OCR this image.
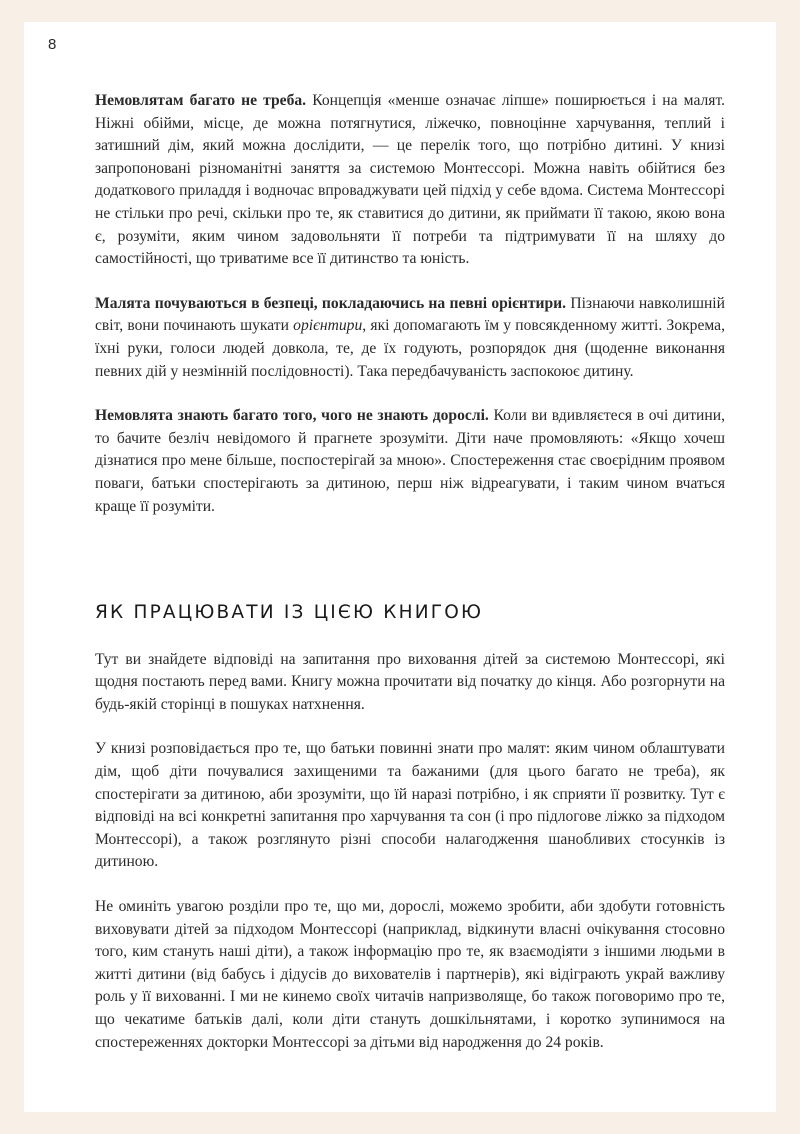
8

Немовлятам багато не треба. Концепція «менше означає ліпше» поширюється і на малят. Ніжні обійми, місце, де можна потягнутися, ліжечко, повноцінне харчування, теплий і затишний дім, який можна дослідити, — це перелік того, що потрібно дитині. У книзі запропоновані різноманітні заняття за системою Монтессорі. Можна навіть обійтися без додаткового приладдя і водночас впроваджувати цей підхід у себе вдома. Система Монтессорі не стільки про речі, скільки про те, як ставитися до дитини, як приймати її такою, якою вона є, розуміти, яким чином задовольняти її потреби та підтримувати її на шляху до самостійності, що триватиме все її дитинство та юність.

Малята почуваються в безпеці, покладаючись на певні орієнтири. Пізнаючи навколишній світ, вони починають шукати орієнтири, які допомагають їм у повсякденному житті. Зокрема, їхні руки, голоси людей довкола, те, де їх годують, розпорядок дня (щоденне виконання певних дій у незмінній послідовності). Така передбачуваність заспокоює дитину.

Немовлята знають багато того, чого не знають дорослі. Коли ви вдивляєтеся в очі дитини, то бачите безліч невідомого й прагнете зрозуміти. Діти наче промовляють: «Якщо хочеш дізнатися про мене більше, поспостерігай за мною». Спостереження стає своєрідним проявом поваги, батьки спостерігають за дитиною, перш ніж відреагувати, і таким чином вчаться краще її розуміти.

ЯК ПРАЦЮВАТИ ІЗ ЦІЄЮ КНИГОЮ

Тут ви знайдете відповіді на запитання про виховання дітей за системою Монтессорі, які щодня постають перед вами. Книгу можна прочитати від початку до кінця. Або розгорнути на будь-якій сторінці в пошуках натхнення.

У книзі розповідається про те, що батьки повинні знати про малят: яким чином облаштувати дім, щоб діти почувалися захищеними та бажаними (для цього багато не треба), як спостерігати за дитиною, аби зрозуміти, що їй наразі потрібно, і як сприяти її розвитку. Тут є відповіді на всі конкретні запитання про харчування та сон (і про підлогове ліжко за підходом Монтессорі), а також розглянуто різні способи налагодження шанобливих стосунків із дитиною.

Не оминіть увагою розділи про те, що ми, дорослі, можемо зробити, аби здобути готовність виховувати дітей за підходом Монтессорі (наприклад, відкинути власні очікування стосовно того, ким стануть наші діти), а також інформацію про те, як взаємодіяти з іншими людьми в житті дитини (від бабусь і дідусів до вихователів і партнерів), які відіграють украй важливу роль у її вихованні. І ми не кинемо своїх читачів напризволяще, бо також поговоримо про те, що чекатиме батьків далі, коли діти стануть дошкільнятами, і коротко зупинимося на спостереженнях докторки Монтессорі за дітьми від народження до 24 років.
